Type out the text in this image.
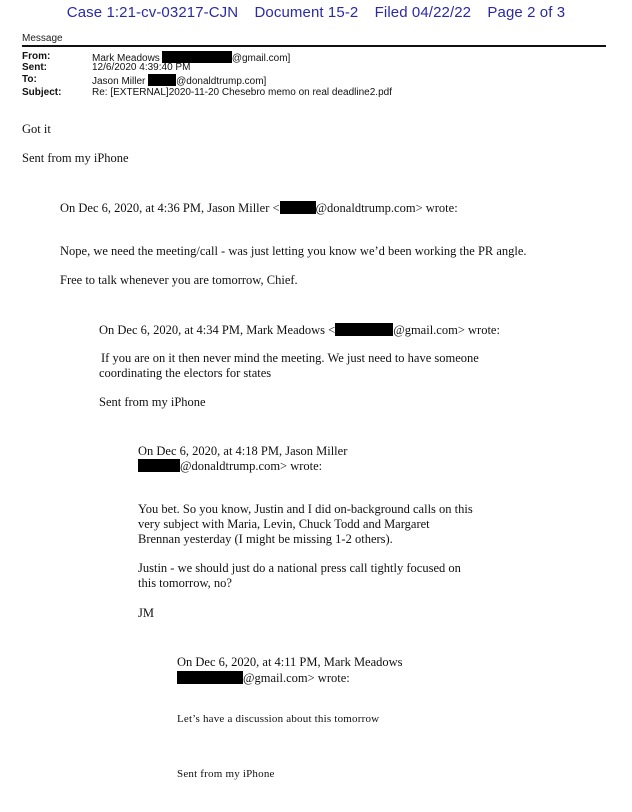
Case 1:21-cv-03217-CJN Document 15-2 Filed 04/22/22 Page 2 of 3
Message
From:	Mark Meadows	@gmail.com]
Sent:	12/6/2020 4:39:40 PM
To:	Jason Miller	@donaldtrump.com]
Subject:	Re: [EXTERNAL]2020-11-20 Chesebro memo on real deadline2.pdf
Got it
Sent from my iPhone
On Dec 6, 2020, at 4:36 PM, Jason Miller <	@donaldtrump.com> wrote:
Nope, we need the meeting/call - was just letting you know we’d been working the PR angle.
Free to talk whenever you are tomorrow, Chief.
On Dec 6, 2020, at 4:34 PM, Mark Meadows <	@gmail.com> wrote:
If you are on it then never mind the meeting. We just need to have someone
coordinating the electors for states
Sent from my iPhone
On Dec 6, 2020, at 4:18 PM, Jason Miller
@donaldtrump.com> wrote:
You bet. So you know, Justin and I did on-background calls on this
very subject with Maria, Levin, Chuck Todd and Margaret
Brennan yesterday (I might be missing 1-2 others).
Justin - we should just do a national press call tightly focused on
this tomorrow, no?
JM
On Dec 6, 2020, at 4:11 PM, Mark Meadows
@gmail.com> wrote:
Let’s have a discussion about this tomorrow
Sent from my iPhone
